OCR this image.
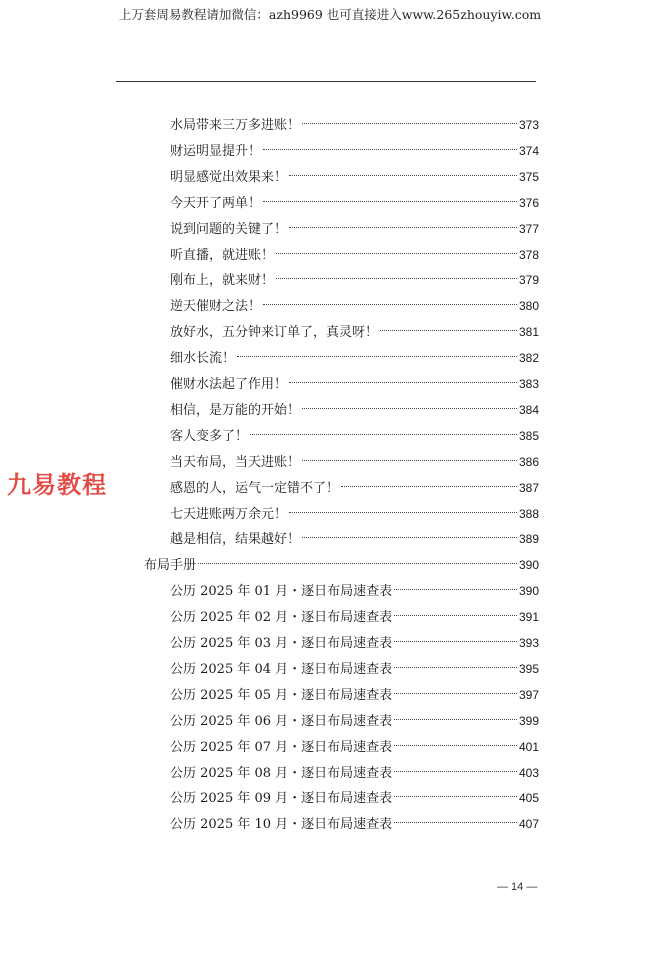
上万套周易教程请加微信：azh9969 也可直接进入www.265zhouyiw.com
水局带来三万多进账！	373
财运明显提升！	374
明显感觉出效果来！	375
今天开了两单！	376
说到问题的关键了！	377
听直播，就进账！	378
刚布上，就来财！	379
逆天催财之法！	380
放好水，五分钟来订单了，真灵呀！	381
细水长流！	382
催财水法起了作用！	383
相信，是万能的开始！	384
客人变多了！	385
当天布局，当天进账！	386
感恩的人，运气一定错不了！	387
七天进账两万余元！	388
越是相信，结果越好！	389
布局手册	390
公历 2025 年 01 月・逐日布局速查表	390
公历 2025 年 02 月・逐日布局速查表	391
公历 2025 年 03 月・逐日布局速查表	393
公历 2025 年 04 月・逐日布局速查表	395
公历 2025 年 05 月・逐日布局速查表	397
公历 2025 年 06 月・逐日布局速查表	399
公历 2025 年 07 月・逐日布局速查表	401
公历 2025 年 08 月・逐日布局速查表	403
公历 2025 年 09 月・逐日布局速查表	405
公历 2025 年 10 月・逐日布局速查表	407
九易教程
— 14 —
